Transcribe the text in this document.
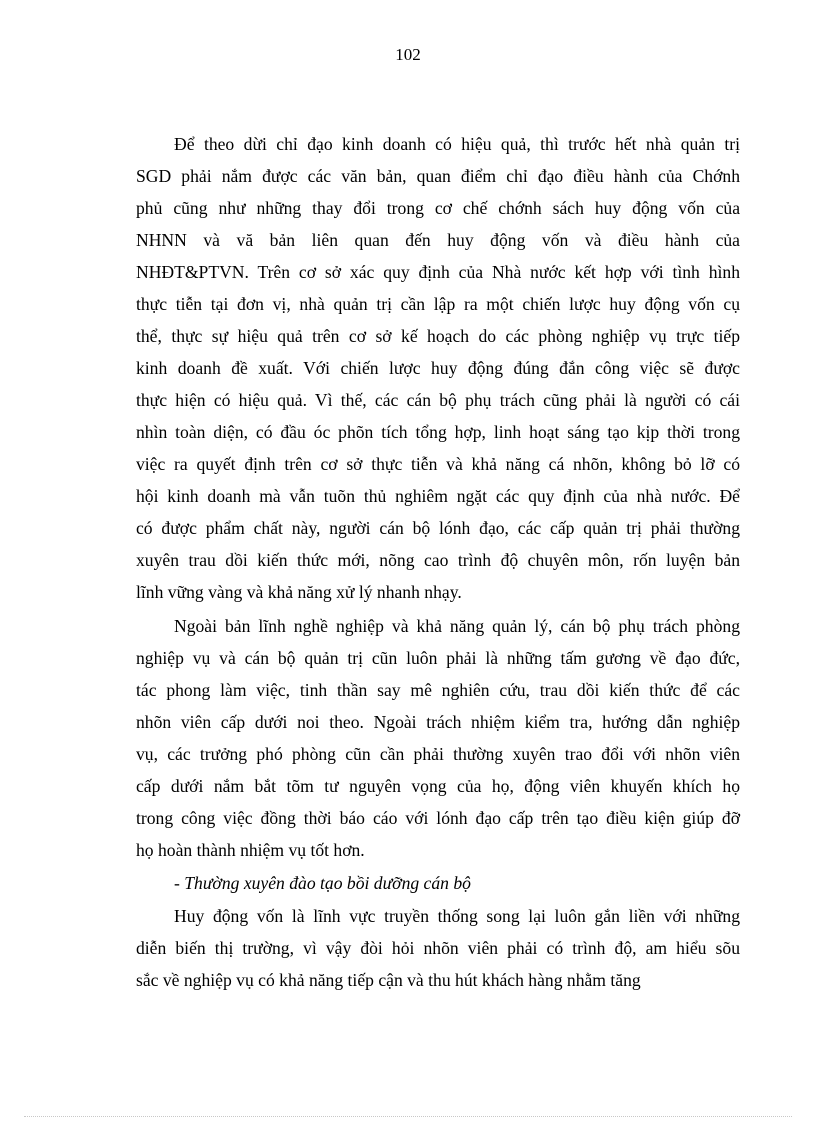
102
Để theo dừi chỉ đạo kinh doanh có hiệu quả, thì trước hết nhà quản trị
SGD phải nắm được các văn bản, quan điểm chỉ đạo điều hành của Chớnh
phủ cũng như những thay đổi trong cơ chế chớnh sách huy động vốn của
NHNN và vă bản liên quan đến huy động vốn và điều hành của
NHĐT&PTVN. Trên cơ sở xác quy định của Nhà nước kết hợp với tình hình
thực tiễn tại đơn vị, nhà quản trị cần lập ra một chiến lược huy động vốn cụ
thể, thực sự hiệu quả trên cơ sở kế hoạch do các phòng nghiệp vụ trực tiếp
kinh doanh đề xuất. Với chiến lược huy động đúng đắn công việc sẽ được
thực hiện có hiệu quả. Vì thế, các cán bộ phụ trách cũng phải là người có cái
nhìn toàn diện, có đầu óc phõn tích tổng hợp, linh hoạt sáng tạo kịp thời trong
việc ra quyết định trên cơ sở thực tiễn và khả năng cá nhõn, không bỏ lỡ có
hội kinh doanh mà vẫn tuõn thủ nghiêm ngặt các quy định của nhà nước. Để
có được phẩm chất này, người cán bộ lónh đạo, các cấp quản trị phải thường
xuyên trau dồi kiến thức mới, nõng cao trình độ chuyên môn, rốn luyện bản
lĩnh vững vàng và khả năng xử lý nhanh nhạy.
Ngoài bản lĩnh nghề nghiệp và khả năng quản lý, cán bộ phụ trách phòng
nghiệp vụ và cán bộ quản trị cũn luôn phải là những tấm gương về đạo đức,
tác phong làm việc, tinh thần say mê nghiên cứu, trau dồi kiến thức để các
nhõn viên cấp dưới noi theo. Ngoài trách nhiệm kiểm tra, hướng dẫn nghiệp
vụ, các trưởng phó phòng cũn cần phải thường xuyên trao đổi với nhõn viên
cấp dưới nắm bắt tõm tư nguyên vọng của họ, động viên khuyến khích họ
trong công việc đồng thời báo cáo với lónh đạo cấp trên tạo điều kiện giúp đỡ
họ hoàn thành nhiệm vụ tốt hơn.
- Thường xuyên đào tạo bồi dưỡng cán bộ
Huy động vốn là lĩnh vực truyền thống song lại luôn gắn liền với những
diễn biến thị trường, vì vậy đòi hỏi nhõn viên phải có trình độ, am hiểu sõu
sắc về nghiệp vụ có khả năng tiếp cận và thu hút khách hàng nhằm tăng
